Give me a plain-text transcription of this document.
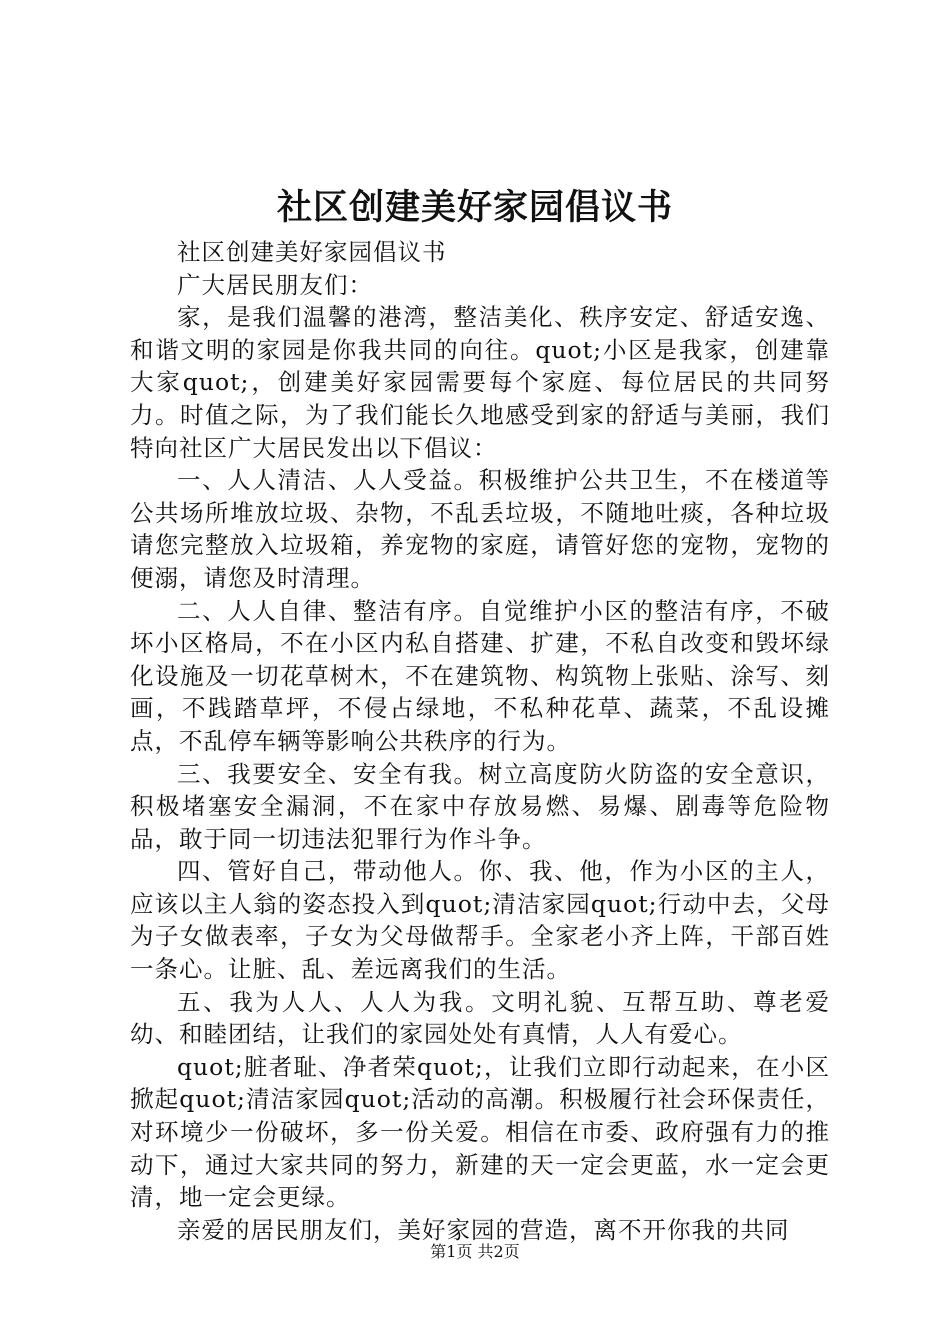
社区创建美好家园倡议书

社区创建美好家园倡议书

广大居民朋友们：

家，是我们温馨的港湾，整洁美化、秩序安定、舒适安逸、和谐文明的家园是你我共同的向往。quot;小区是我家，创建靠大家quot;，创建美好家园需要每个家庭、每位居民的共同努力。时值之际，为了我们能长久地感受到家的舒适与美丽，我们特向社区广大居民发出以下倡议：

一、人人清洁、人人受益。积极维护公共卫生，不在楼道等公共场所堆放垃圾、杂物，不乱丢垃圾，不随地吐痰，各种垃圾请您完整放入垃圾箱，养宠物的家庭，请管好您的宠物，宠物的便溺，请您及时清理。

二、人人自律、整洁有序。自觉维护小区的整洁有序，不破坏小区格局，不在小区内私自搭建、扩建，不私自改变和毁坏绿化设施及一切花草树木，不在建筑物、构筑物上张贴、涂写、刻画，不践踏草坪，不侵占绿地，不私种花草、蔬菜，不乱设摊点，不乱停车辆等影响公共秩序的行为。

三、我要安全、安全有我。树立高度防火防盗的安全意识，积极堵塞安全漏洞，不在家中存放易燃、易爆、剧毒等危险物品，敢于同一切违法犯罪行为作斗争。

四、管好自己，带动他人。你、我、他，作为小区的主人，应该以主人翁的姿态投入到quot;清洁家园quot;行动中去，父母为子女做表率，子女为父母做帮手。全家老小齐上阵，干部百姓一条心。让脏、乱、差远离我们的生活。

五、我为人人、人人为我。文明礼貌、互帮互助、尊老爱幼、和睦团结，让我们的家园处处有真情，人人有爱心。

quot;脏者耻、净者荣quot;，让我们立即行动起来，在小区掀起quot;清洁家园quot;活动的高潮。积极履行社会环保责任，对环境少一份破坏，多一份关爱。相信在市委、政府强有力的推动下，通过大家共同的努力，新建的天一定会更蓝，水一定会更清，地一定会更绿。

亲爱的居民朋友们，美好家园的营造，离不开你我的共同

第1页 共2页
